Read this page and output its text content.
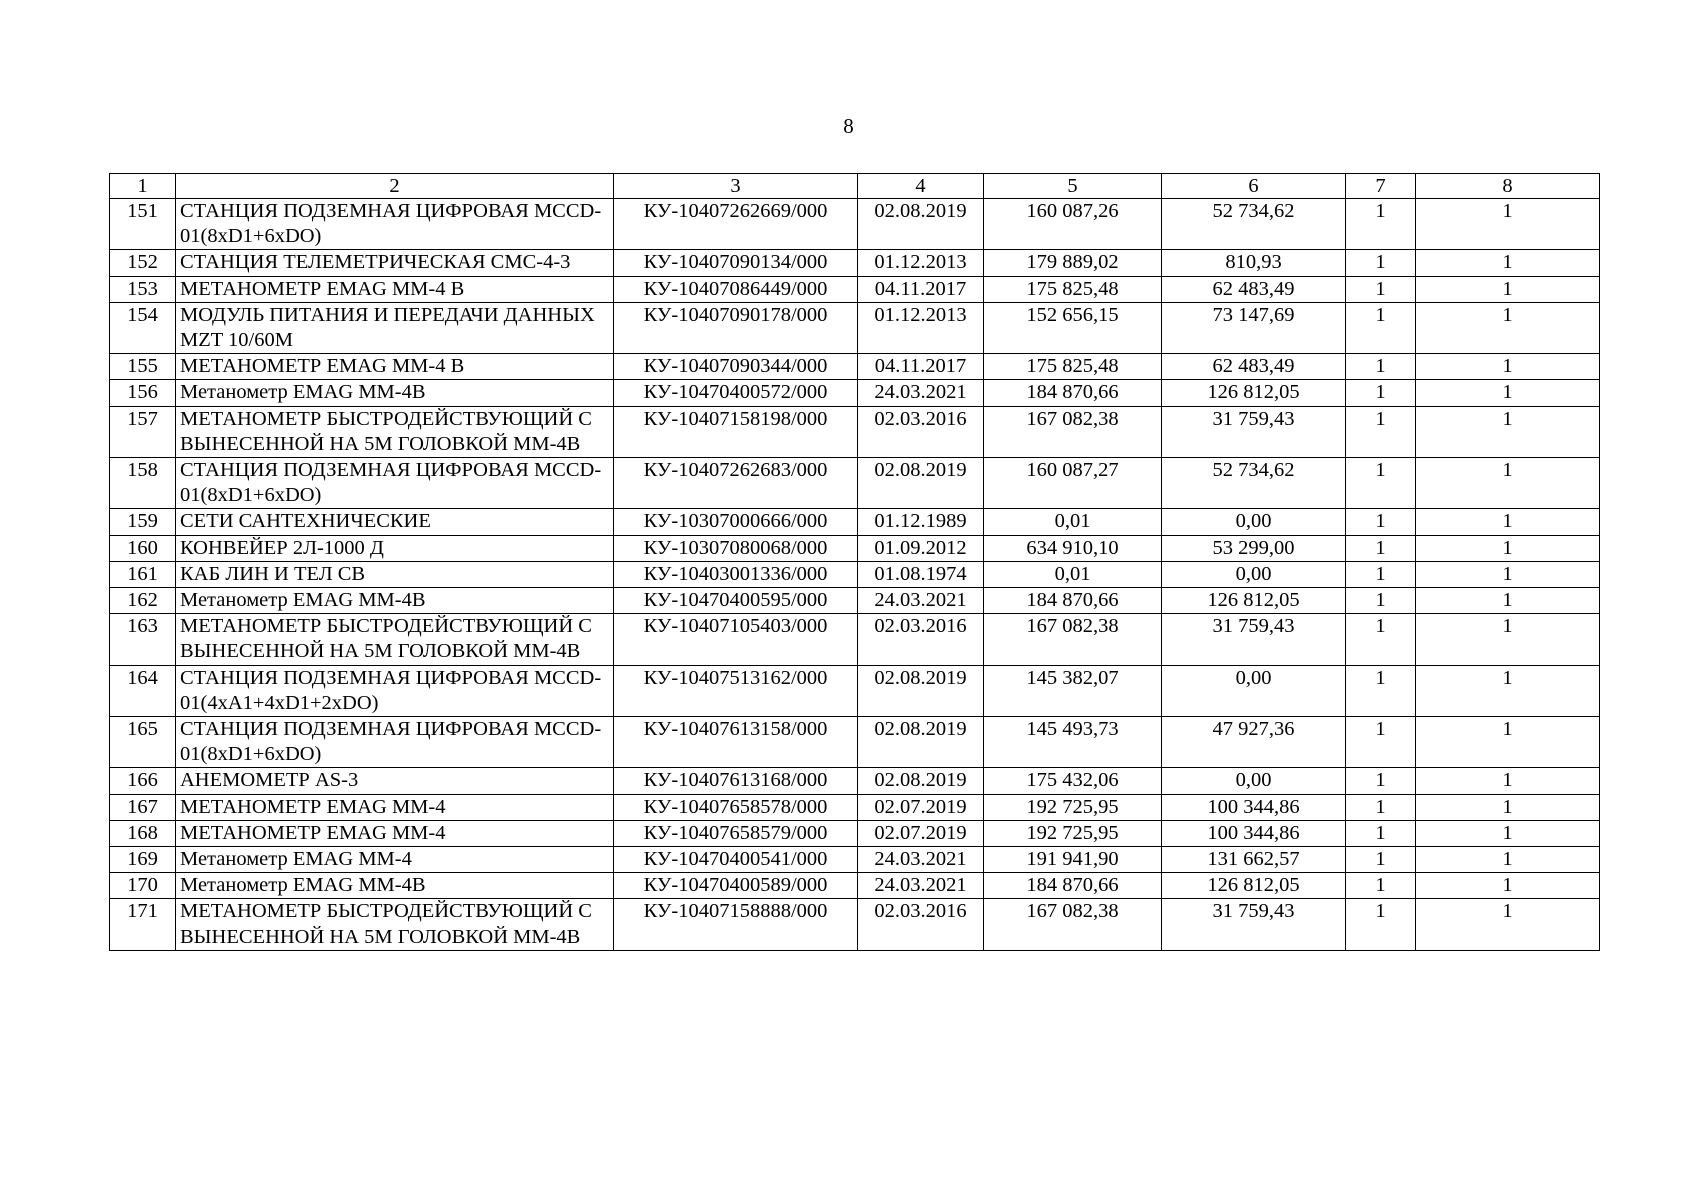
8
1	2	3	4	5	6	7	8
151	СТАНЦИЯ ПОДЗЕМНАЯ ЦИФРОВАЯ MCCD-01(8xD1+6xDO)	КУ-10407262669/000	02.08.2019	160 087,26	52 734,62	1	1
152	СТАНЦИЯ ТЕЛЕМЕТРИЧЕСКАЯ СМС-4-3	КУ-10407090134/000	01.12.2013	179 889,02	810,93	1	1
153	МЕТАНОМЕТР EMAG ММ-4 В	КУ-10407086449/000	04.11.2017	175 825,48	62 483,49	1	1
154	МОДУЛЬ ПИТАНИЯ И ПЕРЕДАЧИ ДАННЫХ MZT 10/60М	КУ-10407090178/000	01.12.2013	152 656,15	73 147,69	1	1
155	МЕТАНОМЕТР EMAG ММ-4 В	КУ-10407090344/000	04.11.2017	175 825,48	62 483,49	1	1
156	Метанометр EMAG MM-4B	КУ-10470400572/000	24.03.2021	184 870,66	126 812,05	1	1
157	МЕТАНОМЕТР БЫСТРОДЕЙСТВУЮЩИЙ С ВЫНЕСЕННОЙ НА 5М ГОЛОВКОЙ ММ-4В	КУ-10407158198/000	02.03.2016	167 082,38	31 759,43	1	1
158	СТАНЦИЯ ПОДЗЕМНАЯ ЦИФРОВАЯ MCCD-01(8xD1+6xDO)	КУ-10407262683/000	02.08.2019	160 087,27	52 734,62	1	1
159	СЕТИ САНТЕХНИЧЕСКИЕ	КУ-10307000666/000	01.12.1989	0,01	0,00	1	1
160	КОНВЕЙЕР 2Л-1000 Д	КУ-10307080068/000	01.09.2012	634 910,10	53 299,00	1	1
161	КАБ ЛИН И ТЕЛ СВ	КУ-10403001336/000	01.08.1974	0,01	0,00	1	1
162	Метанометр EMAG MM-4B	КУ-10470400595/000	24.03.2021	184 870,66	126 812,05	1	1
163	МЕТАНОМЕТР БЫСТРОДЕЙСТВУЮЩИЙ С ВЫНЕСЕННОЙ НА 5М ГОЛОВКОЙ ММ-4В	КУ-10407105403/000	02.03.2016	167 082,38	31 759,43	1	1
164	СТАНЦИЯ ПОДЗЕМНАЯ ЦИФРОВАЯ MCCD-01(4xA1+4xD1+2xDO)	КУ-10407513162/000	02.08.2019	145 382,07	0,00	1	1
165	СТАНЦИЯ ПОДЗЕМНАЯ ЦИФРОВАЯ MCCD-01(8xD1+6xDO)	КУ-10407613158/000	02.08.2019	145 493,73	47 927,36	1	1
166	АНЕМОМЕТР AS-3	КУ-10407613168/000	02.08.2019	175 432,06	0,00	1	1
167	МЕТАНОМЕТР EMAG ММ-4	КУ-10407658578/000	02.07.2019	192 725,95	100 344,86	1	1
168	МЕТАНОМЕТР EMAG ММ-4	КУ-10407658579/000	02.07.2019	192 725,95	100 344,86	1	1
169	Метанометр EMAG MM-4	КУ-10470400541/000	24.03.2021	191 941,90	131 662,57	1	1
170	Метанометр EMAG MM-4B	КУ-10470400589/000	24.03.2021	184 870,66	126 812,05	1	1
171	МЕТАНОМЕТР БЫСТРОДЕЙСТВУЮЩИЙ С ВЫНЕСЕННОЙ НА 5М ГОЛОВКОЙ ММ-4В	КУ-10407158888/000	02.03.2016	167 082,38	31 759,43	1	1
